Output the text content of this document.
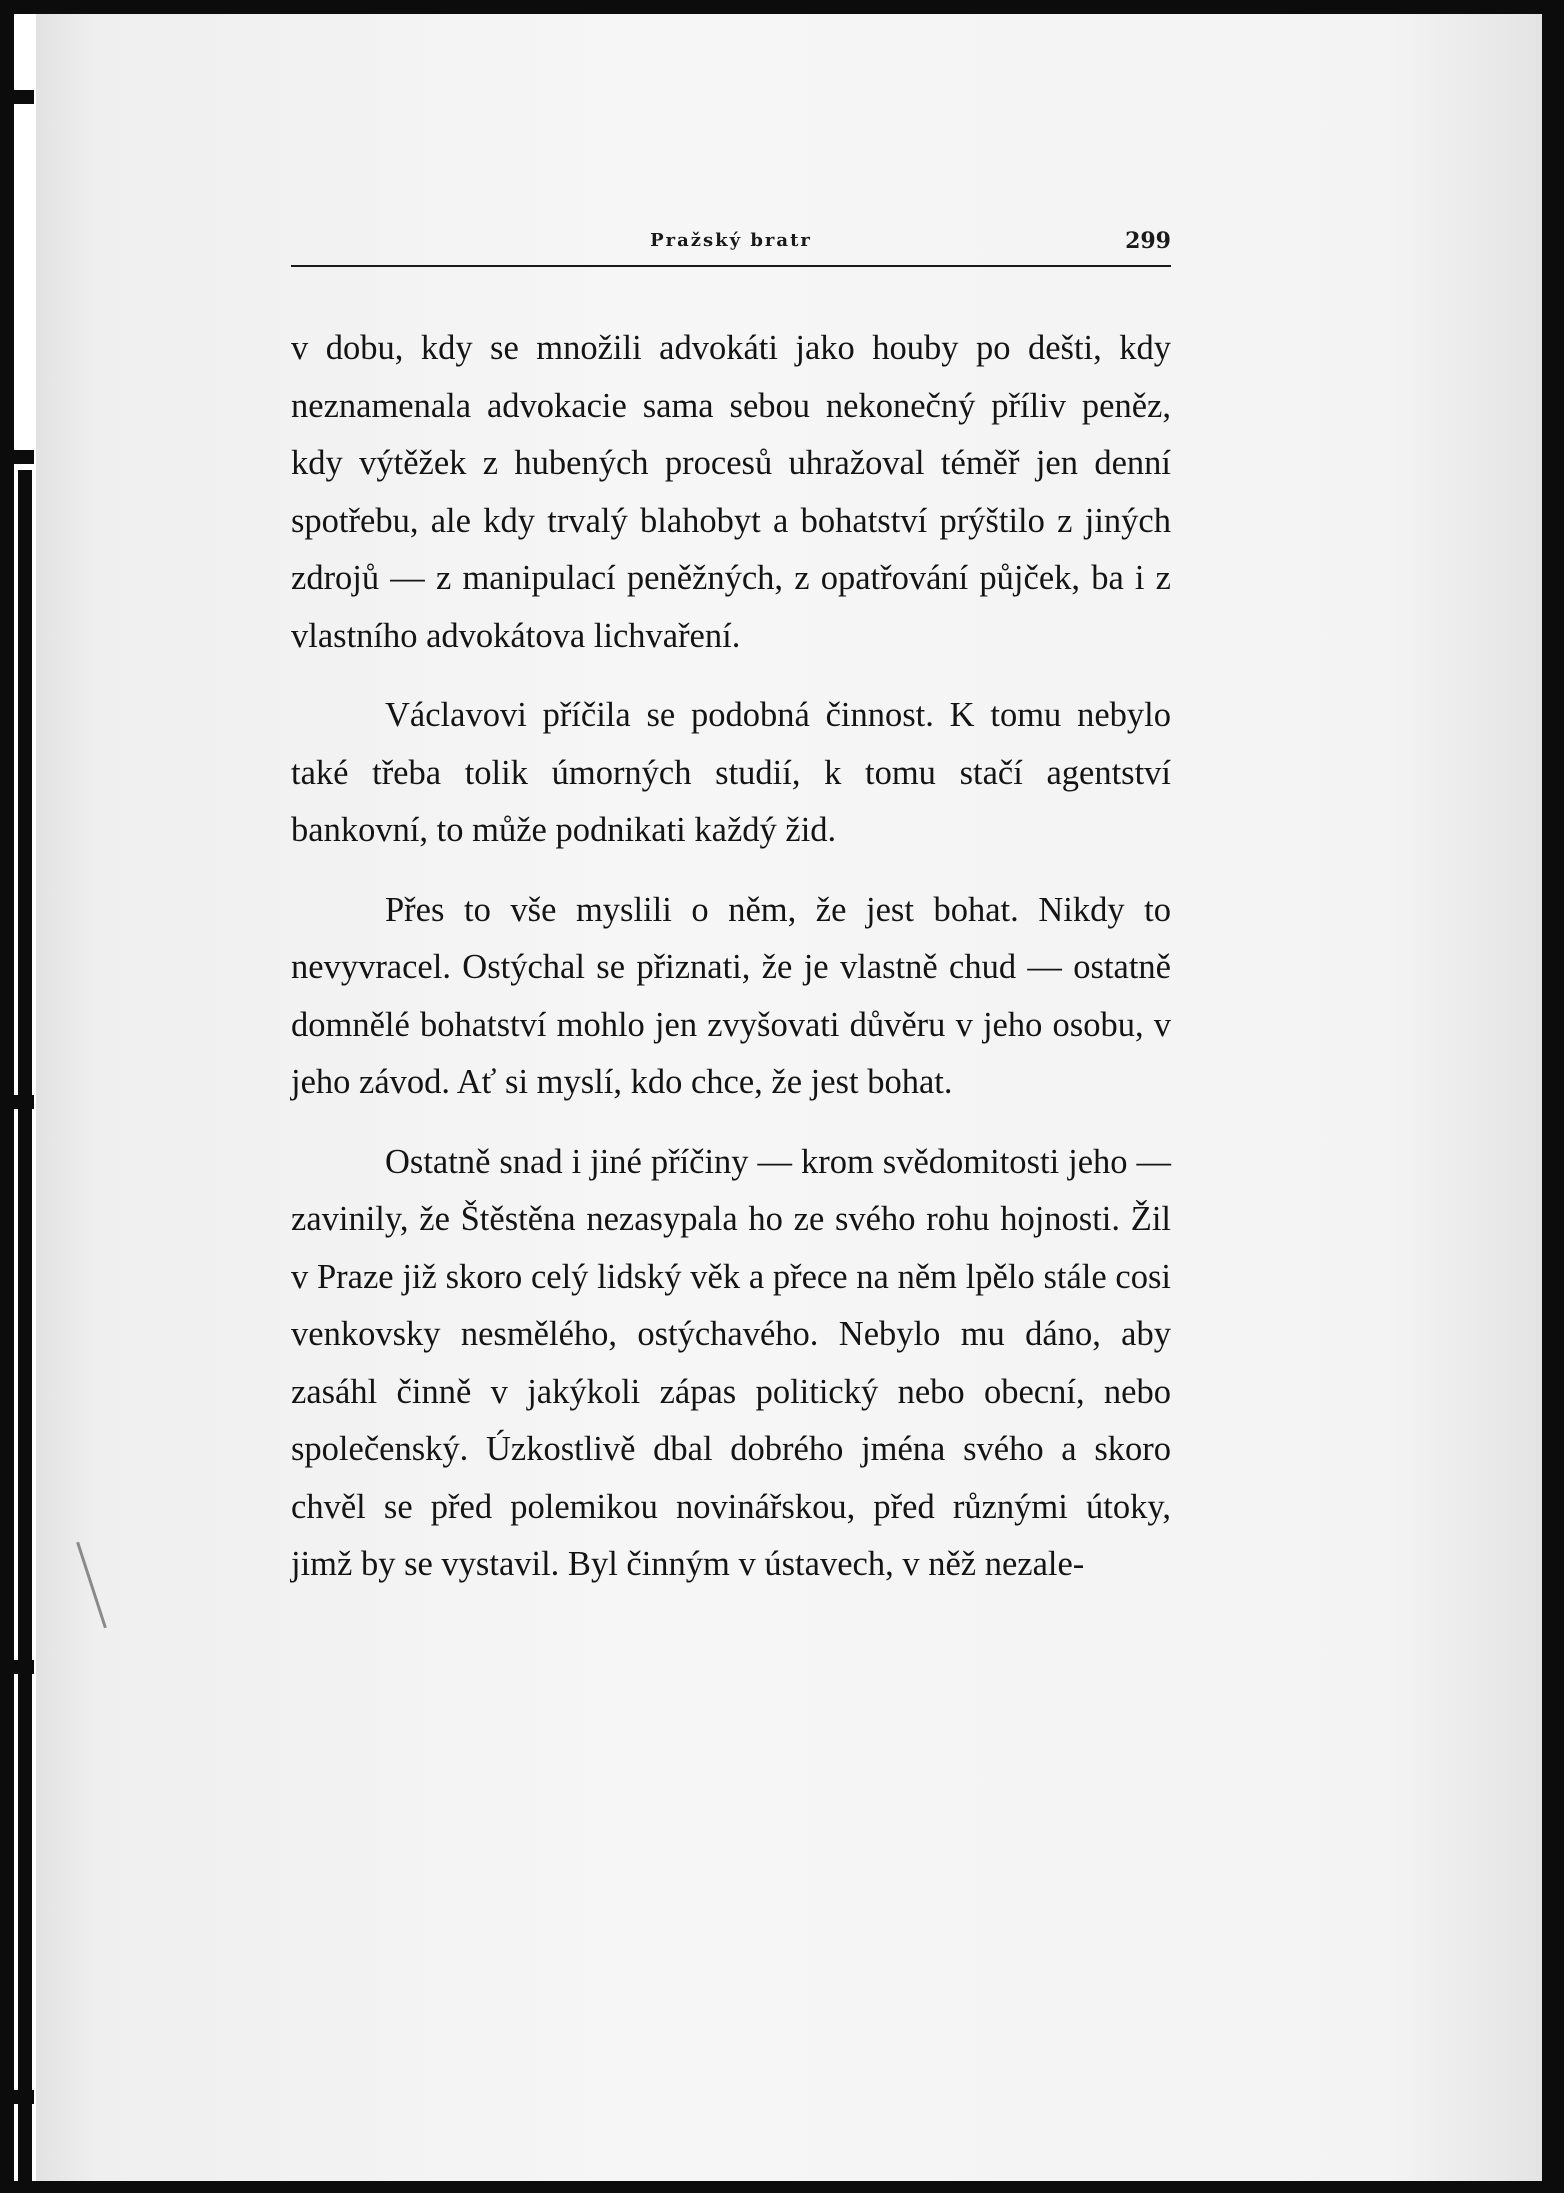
Pražský bratr	299

v dobu, kdy se množili advokáti jako houby po dešti, kdy neznamenala advokacie sama sebou nekonečný příliv peněz, kdy výtěžek z hubených procesů uhražoval téměř jen denní spotřebu, ale kdy trvalý blahobyt a bohatství prýštilo z jiných zdrojů — z manipulací peněžných, z opatřování půjček, ba i z vlastního advokátova lichvaření.

Václavovi příčila se podobná činnost. K tomu nebylo také třeba tolik úmorných studií, k tomu stačí agentství bankovní, to může podnikati každý žid.

Přes to vše myslili o něm, že jest bohat. Nikdy to nevyvracel. Ostýchal se přiznati, že je vlastně chud — ostatně domnělé bohatství mohlo jen zvyšovati důvěru v jeho osobu, v jeho závod. Ať si myslí, kdo chce, že jest bohat.

Ostatně snad i jiné příčiny — krom svědomitosti jeho — zavinily, že Štěstěna nezasypala ho ze svého rohu hojnosti. Žil v Praze již skoro celý lidský věk a přece na něm lpělo stále cosi venkovsky nesmělého, ostýchavého. Nebylo mu dáno, aby zasáhl činně v jakýkoli zápas politický nebo obecní, nebo společenský. Úzkostlivě dbal dobrého jména svého a skoro chvěl se před polemikou novinářskou, před různými útoky, jimž by se vystavil. Byl činným v ústavech, v něž nezale-
